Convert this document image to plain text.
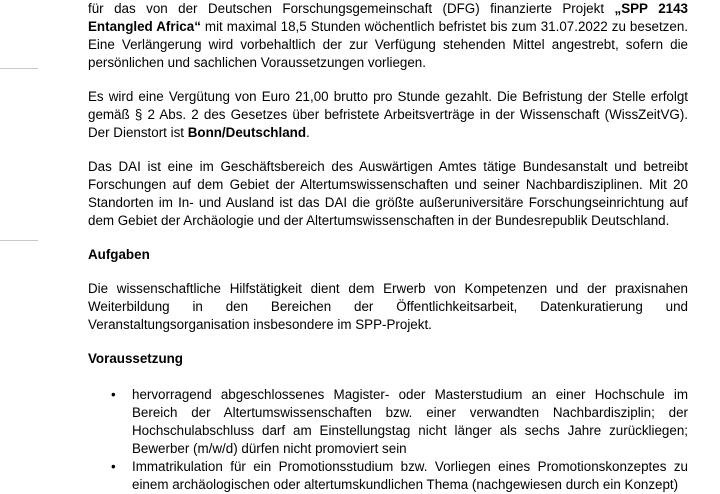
für das von der Deutschen Forschungsgemeinschaft (DFG) finanzierte Projekt „SPP 2143 Entangled Africa“ mit maximal 18,5 Stunden wöchentlich befristet bis zum 31.07.2022 zu besetzen. Eine Verlängerung wird vorbehaltlich der zur Verfügung stehenden Mittel angestrebt, sofern die persönlichen und sachlichen Voraussetzungen vorliegen.

Es wird eine Vergütung von Euro 21,00 brutto pro Stunde gezahlt. Die Befristung der Stelle erfolgt gemäß § 2 Abs. 2 des Gesetzes über befristete Arbeitsverträge in der Wissenschaft (WissZeitVG). Der Dienstort ist Bonn/Deutschland.

Das DAI ist eine im Geschäftsbereich des Auswärtigen Amtes tätige Bundesanstalt und betreibt Forschungen auf dem Gebiet der Altertumswissenschaften und seiner Nachbardisziplinen. Mit 20 Standorten im In- und Ausland ist das DAI die größte außeruniversitäre Forschungseinrichtung auf dem Gebiet der Archäologie und der Altertumswissenschaften in der Bundesrepublik Deutschland.

Aufgaben

Die wissenschaftliche Hilfstätigkeit dient dem Erwerb von Kompetenzen und der praxisnahen Weiterbildung in den Bereichen der Öffentlichkeitsarbeit, Datenkuratierung und Veranstaltungsorganisation insbesondere im SPP-Projekt.

Voraussetzung

• hervorragend abgeschlossenes Magister- oder Masterstudium an einer Hochschule im Bereich der Altertumswissenschaften bzw. einer verwandten Nachbardisziplin; der Hochschulabschluss darf am Einstellungstag nicht länger als sechs Jahre zurückliegen; Bewerber (m/w/d) dürfen nicht promoviert sein
• Immatrikulation für ein Promotionsstudium bzw. Vorliegen eines Promotionskonzeptes zu einem archäologischen oder altertumskundlichen Thema (nachgewiesen durch ein Konzept)
